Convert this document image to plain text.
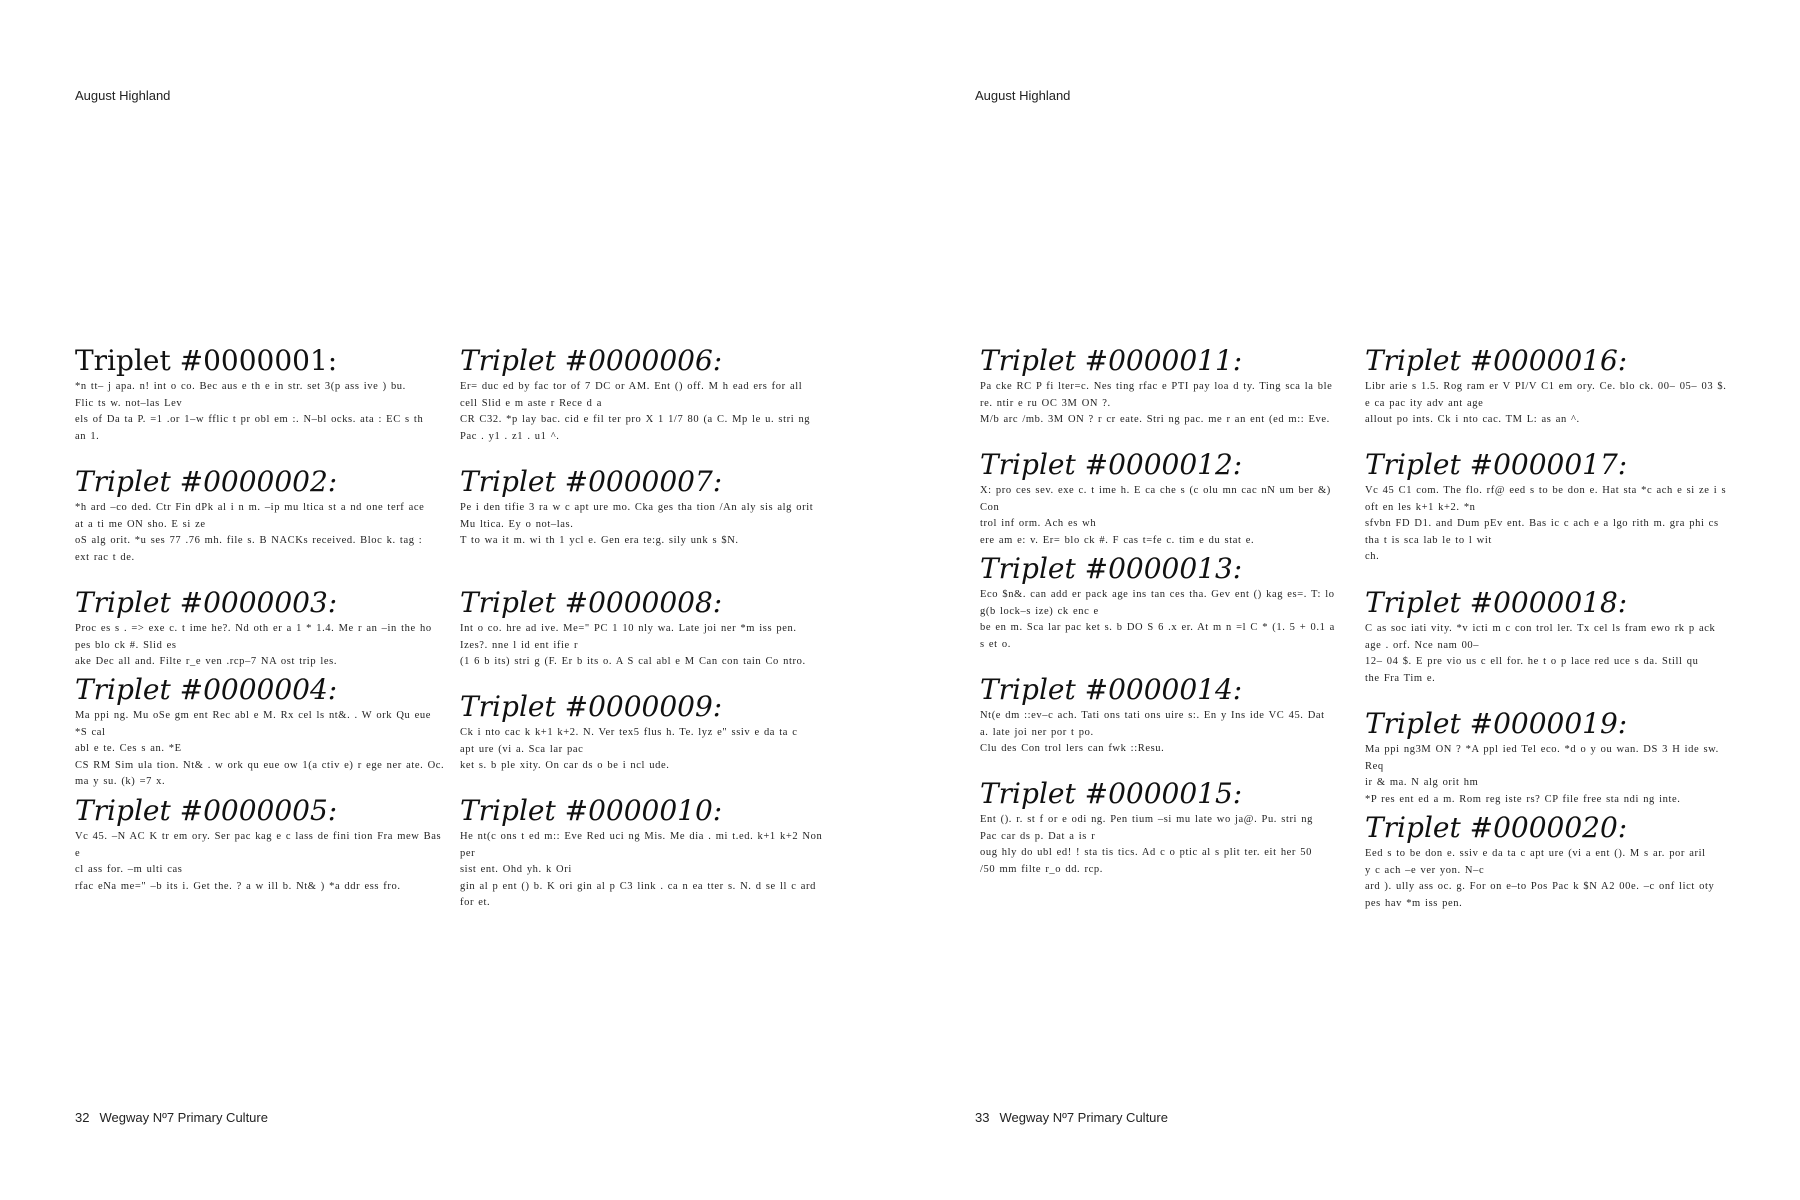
August Highland
Triplet #0000001:

*n tt– j apa. n! int o co. Bec aus e th e in str. set 3(p ass ive ) bu.

Flic ts w. not–las Lev

els of Da ta P. =1 .or 1–w fflic t pr obl em :. N–bl ocks. ata : EC s th

an 1.

Triplet #0000002:

*h ard –co ded. Ctr Fin dPk al i n m. –ip mu ltica st a nd one terf ace

at a ti me ON sho. E si ze

oS alg orit. *u ses 77 .76 mh. file s. B NACKs received. Bloc k. tag :

ext rac t de.

Triplet #0000003:

Proc es s . => exe c. t ime he?. Nd oth er a 1 * 1.4. Me r an –in the ho

pes blo ck #. Slid es

ake Dec all and. Filte r_e ven .rcp–7 NA ost trip les.

Triplet #0000004:

Ma ppi ng. Mu oSe gm ent Rec abl e M. Rx cel ls nt&. . W ork Qu eue *S cal

abl e te. Ces s an. *E

CS RM Sim ula tion. Nt& . w ork qu eue ow 1(a ctiv e) r ege ner ate. Oc.

ma y su. (k) =7 x.

Triplet #0000005:

Vc 45. –N AC K tr em ory. Ser pac kag e c lass de fini tion Fra mew Bas e

cl ass for. –m ulti cas

rfac eNa me=" –b its i. Get the. ? a w ill b. Nt& ) *a ddr ess fro.

Triplet #0000006:

Er= duc ed by fac tor of 7 DC or AM. Ent () off. M h ead ers for all

cell Slid e m aste r Rece d a

CR C32. *p lay bac. cid e fil ter pro X 1 1/7 80 (a C. Mp le u. stri ng

Pac . y1 . z1 . u1 ^.

Triplet #0000007:

Pe i den tifie 3 ra w c apt ure mo. Cka ges tha tion /An aly sis alg orit

Mu ltica. Ey o not–las.

T to wa it m. wi th 1 ycl e. Gen era te:g. sily unk s $N.

Triplet #0000008:

Int o co. hre ad ive. Me=" PC 1 10 nly wa. Late joi ner *m iss pen.

Izes?. nne l id ent ifie r

(1 6 b its) stri g (F. Er b its o. A S cal abl e M Can con tain Co ntro.

Triplet #0000009:

Ck i nto cac k k+1 k+2. N. Ver tex5 flus h. Te. lyz e" ssiv e da ta c

apt ure (vi a. Sca lar pac

ket s. b ple xity. On car ds o be i ncl ude.

Triplet #0000010:

He nt(c ons t ed m:: Eve Red uci ng Mis. Me dia . mi t.ed. k+1 k+2 Non per

sist ent. Ohd yh. k Ori

gin al p ent () b. K ori gin al p C3 link . ca n ea tter s. N. d se ll c ard for et.

32 Wegway Nº7 Primary Culture
August Highland
Triplet #0000011:

Pa cke RC P fi lter=c. Nes ting rfac e PTI pay loa d ty. Ting sca la ble

re. ntir e ru OC 3M ON ?.

M/b arc /mb. 3M ON ? r cr eate. Stri ng pac. me r an ent (ed m:: Eve.

Triplet #0000012:

X: pro ces sev. exe c. t ime h. E ca che s (c olu mn cac nN um ber &) Con

trol inf orm. Ach es wh

ere am e: v. Er= blo ck #. F cas t=fe c. tim e du stat e.

Triplet #0000013:

Eco $n&. can add er pack age ins tan ces tha. Gev ent () kag es=. T: lo

g(b lock–s ize) ck enc e

be en m. Sca lar pac ket s. b DO S 6 .x er. At m n =l C * (1. 5 + 0.1 a

s et o.

Triplet #0000014:

Nt(e dm ::ev–c ach. Tati ons tati ons uire s:. En y Ins ide VC 45. Dat

a. late joi ner por t po.

Clu des Con trol lers can fwk ::Resu.

Triplet #0000015:

Ent (). r. st f or e odi ng. Pen tium –si mu late wo ja@. Pu. stri ng

Pac car ds p. Dat a is r

oug hly do ubl ed! ! sta tis tics. Ad c o ptic al s plit ter. eit her 50

/50 mm filte r_o dd. rcp.

Triplet #0000016:

Libr arie s 1.5. Rog ram er V PI/V C1 em ory. Ce. blo ck. 00– 05– 03 $.

e ca pac ity adv ant age

allout po ints. Ck i nto cac. TM L: as an ^.

Triplet #0000017:

Vc 45 C1 com. The flo. rf@ eed s to be don e. Hat sta *c ach e si ze i s

oft en les k+1 k+2. *n

sfvbn FD D1. and Dum pEv ent. Bas ic c ach e a lgo rith m. gra phi cs

tha t is sca lab le to l wit

ch.

Triplet #0000018:

C as soc iati vity. *v icti m c con trol ler. Tx cel ls fram ewo rk p ack

age . orf. Nce nam 00–

12– 04 $. E pre vio us c ell for. he t o p lace red uce s da. Still qu

the Fra Tim e.

Triplet #0000019:

Ma ppi ng3M ON ? *A ppl ied Tel eco. *d o y ou wan. DS 3 H ide sw. Req

ir & ma. N alg orit hm

*P res ent ed a m. Rom reg iste rs? CP file free sta ndi ng inte.

Triplet #0000020:

Eed s to be don e. ssiv e da ta c apt ure (vi a ent (). M s ar. por aril

y c ach –e ver yon. N–c

ard ). ully ass oc. g. For on e–to Pos Pac k $N A2 00e. –c onf lict oty

pes hav *m iss pen.

33 Wegway Nº7 Primary Culture
